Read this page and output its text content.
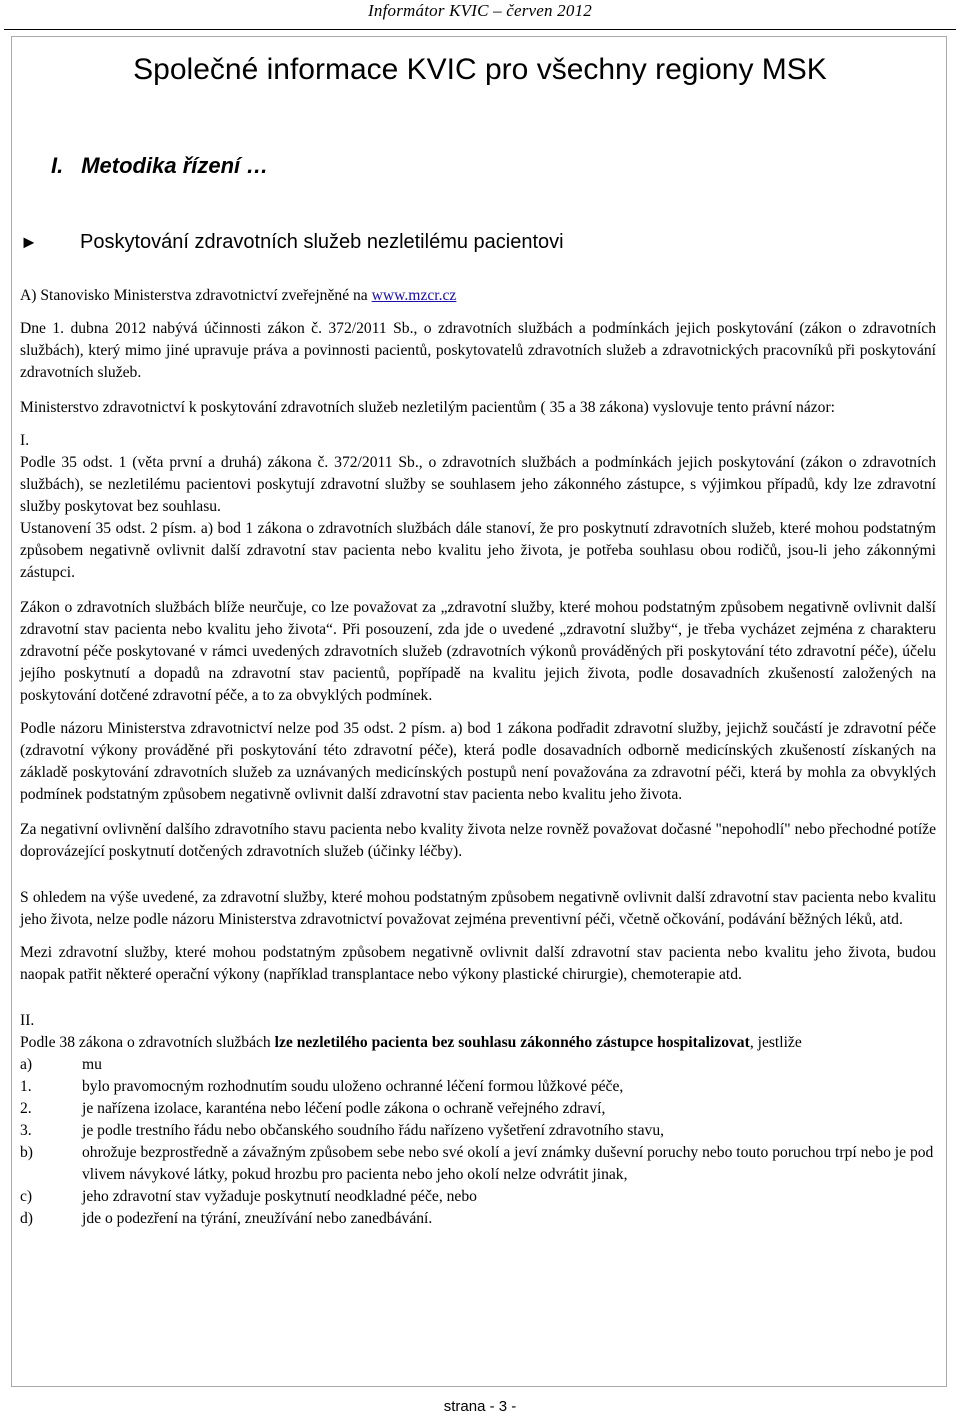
Informátor KVIC – červen 2012
Společné informace KVIC pro všechny regiony MSK
I. Metodika řízení …
► Poskytování zdravotních služeb nezletilému pacientovi

A) Stanovisko Ministerstva zdravotnictví zveřejněné na www.mzcr.cz

Dne 1. dubna 2012 nabývá účinnosti zákon č. 372/2011 Sb., o zdravotních službách a podmínkách jejich poskytování (zákon o zdravotních službách), který mimo jiné upravuje práva a povinnosti pacientů, poskytovatelů zdravotních služeb a zdravotnických pracovníků při poskytování zdravotních služeb.

Ministerstvo zdravotnictví k poskytování zdravotních služeb nezletilým pacientům ( 35 a 38 zákona) vyslovuje tento právní názor:

I.

Podle 35 odst. 1 (věta první a druhá) zákona č. 372/2011 Sb., o zdravotních službách a podmínkách jejich poskytování (zákon o zdravotních službách), se nezletilému pacientovi poskytují zdravotní služby se souhlasem jeho zákonného zástupce, s výjimkou případů, kdy lze zdravotní služby poskytovat bez souhlasu.

Ustanovení 35 odst. 2 písm. a) bod 1 zákona o zdravotních službách dále stanoví, že pro poskytnutí zdravotních služeb, které mohou podstatným způsobem negativně ovlivnit další zdravotní stav pacienta nebo kvalitu jeho života, je potřeba souhlasu obou rodičů, jsou-li jeho zákonnými zástupci.

Zákon o zdravotních službách blíže neurčuje, co lze považovat za „zdravotní služby, které mohou podstatným způsobem negativně ovlivnit další zdravotní stav pacienta nebo kvalitu jeho života“. Při posouzení, zda jde o uvedené „zdravotní služby“, je třeba vycházet zejména z charakteru zdravotní péče poskytované v rámci uvedených zdravotních služeb (zdravotních výkonů prováděných při poskytování této zdravotní péče), účelu jejího poskytnutí a dopadů na zdravotní stav pacientů, popřípadě na kvalitu jejich života, podle dosavadních zkušeností založených na poskytování dotčené zdravotní péče, a to za obvyklých podmínek.

Podle názoru Ministerstva zdravotnictví nelze pod 35 odst. 2 písm. a) bod 1 zákona podřadit zdravotní služby, jejichž součástí je zdravotní péče (zdravotní výkony prováděné při poskytování této zdravotní péče), která podle dosavadních odborně medicínských zkušeností získaných na základě poskytování zdravotních služeb za uznávaných medicínských postupů není považována za zdravotní péči, která by mohla za obvyklých podmínek podstatným způsobem negativně ovlivnit další zdravotní stav pacienta nebo kvalitu jeho života.

Za negativní ovlivnění dalšího zdravotního stavu pacienta nebo kvality života nelze rovněž považovat dočasné "nepohodlí" nebo přechodné potíže doprovázející poskytnutí dotčených zdravotních služeb (účinky léčby).

S ohledem na výše uvedené, za zdravotní služby, které mohou podstatným způsobem negativně ovlivnit další zdravotní stav pacienta nebo kvalitu jeho života, nelze podle názoru Ministerstva zdravotnictví považovat zejména preventivní péči, včetně očkování, podávání běžných léků, atd.

Mezi zdravotní služby, které mohou podstatným způsobem negativně ovlivnit další zdravotní stav pacienta nebo kvalitu jeho života, budou naopak patřit některé operační výkony (například transplantace nebo výkony plastické chirurgie), chemoterapie atd.

II.

Podle 38 zákona o zdravotních službách lze nezletilého pacienta bez souhlasu zákonného zástupce hospitalizovat, jestliže

a)	mu
1.	bylo pravomocným rozhodnutím soudu uloženo ochranné léčení formou lůžkové péče,
2.	je nařízena izolace, karanténa nebo léčení podle zákona o ochraně veřejného zdraví,
3.	je podle trestního řádu nebo občanského soudního řádu nařízeno vyšetření zdravotního stavu,
b)	ohrožuje bezprostředně a závažným způsobem sebe nebo své okolí a jeví známky duševní poruchy nebo touto poruchou trpí nebo je pod vlivem návykové látky, pokud hrozbu pro pacienta nebo jeho okolí nelze odvrátit jinak,
c)	jeho zdravotní stav vyžaduje poskytnutí neodkladné péče, nebo
d)	jde o podezření na týrání, zneužívání nebo zanedbávání.
strana - 3 -
